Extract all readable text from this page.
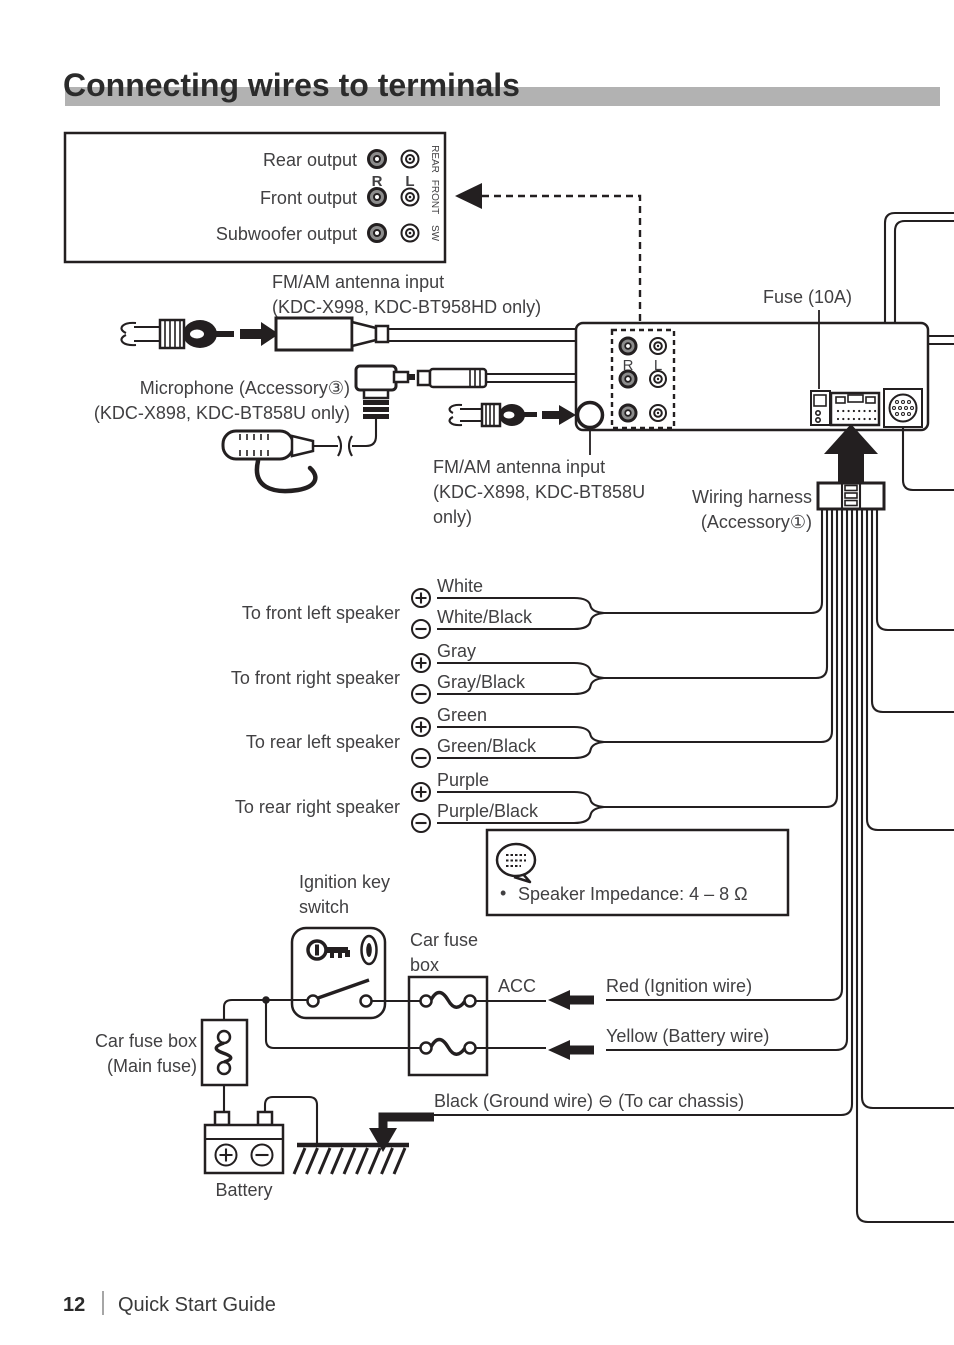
Connecting wires to terminals
Rear output
Front output
Subwoofer output
R L
REAR
FRONT
SW
FM/AM antenna input
(KDC-X998, KDC-BT958HD only)
Microphone (Accessory③)
(KDC-X898, KDC-BT858U only)
FM/AM antenna input
(KDC-X898, KDC-BT858U
only)
R L
Fuse (10A)
Wiring harness
(Accessory①)
To front left speaker
White
White/Black
To front right speaker
Gray
Gray/Black
To rear left speaker
Green
Green/Black
To rear right speaker
Purple
Purple/Black
• Speaker Impedance: 4 – 8 Ω
Ignition key
switch
Car fuse
box
ACC	Red (Ignition wire)
Yellow (Battery wire)
Black (Ground wire) ⊖ (To car chassis)
Car fuse box
(Main fuse)
Battery
12 Quick Start Guide
